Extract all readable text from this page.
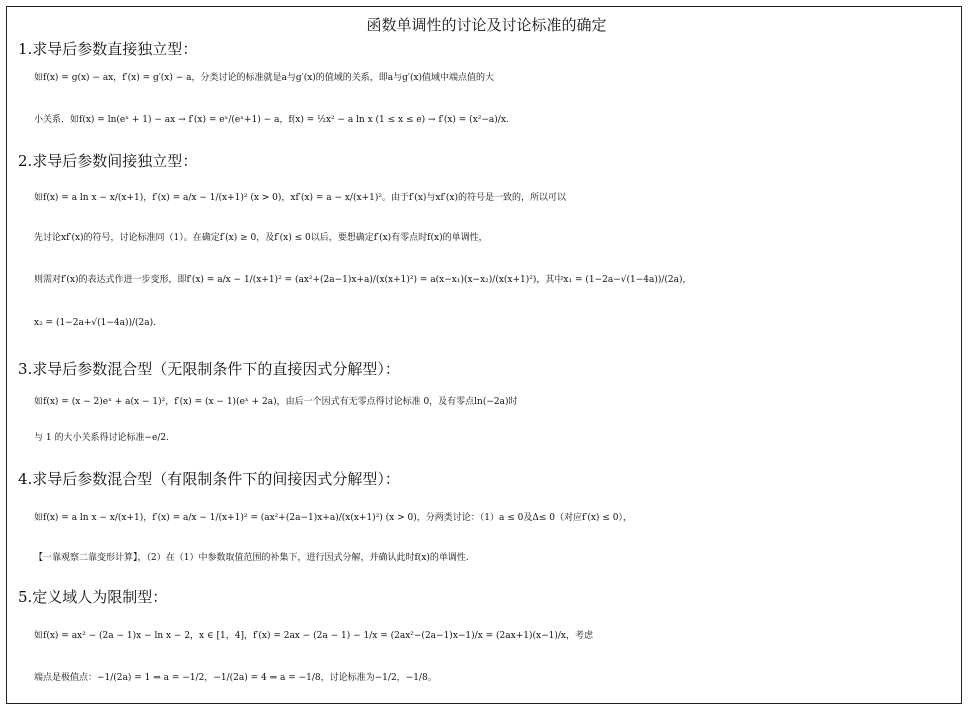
函数单调性的讨论及讨论标准的确定
1.求导后参数直接独立型：
如f(x) = g(x) − ax，f′(x) = g′(x) − a，分类讨论的标准就是a与g′(x)的值域的关系，即a与g′(x)值域中端点值的大
小关系．如f(x) = ln(eˣ + 1) − ax → f′(x) = eˣ/(eˣ+1) − a，f(x) = ½x² − a ln x (1 ≤ x ≤ e) → f′(x) = (x²−a)/x.
2.求导后参数间接独立型：
如f(x) = a ln x − x/(x+1)，f′(x) = a/x − 1/(x+1)² (x > 0)，xf′(x) = a − x/(x+1)²。由于f′(x)与xf′(x)的符号是一致的，所以可以
先讨论xf′(x)的符号，讨论标准同（1）。在确定f′(x) ≥ 0，及f′(x) ≤ 0以后，要想确定f′(x)有零点时f(x)的单调性，
则需对f′(x)的表达式作进一步变形，即f′(x) = a/x − 1/(x+1)² = (ax²+(2a−1)x+a)/(x(x+1)²) = a(x−x₁)(x−x₂)/(x(x+1)²)，其中x₁ = (1−2a−√(1−4a))/(2a)，
x₂ = (1−2a+√(1−4a))/(2a).
3.求导后参数混合型（无限制条件下的直接因式分解型）：
如f(x) = (x − 2)eˣ + a(x − 1)²，f′(x) = (x − 1)(eˣ + 2a)，由后一个因式有无零点得讨论标准 0，及有零点ln(−2a)时
与 1 的大小关系得讨论标准−e/2.
4.求导后参数混合型（有限制条件下的间接因式分解型）：
如f(x) = a ln x − x/(x+1)，f′(x) = a/x − 1/(x+1)² = (ax²+(2a−1)x+a)/(x(x+1)²) (x > 0)，分两类讨论：（1）a ≤ 0及Δ≤ 0（对应f′(x) ≤ 0），
【一靠观察二靠变形计算】，（2）在（1）中参数取值范围的补集下，进行因式分解，并确认此时f(x)的单调性.
5.定义域人为限制型：
如f(x) = ax² − (2a − 1)x − ln x − 2，x ∈ [1，4]，f′(x) = 2ax − (2a − 1) − 1/x = (2ax²−(2a−1)x−1)/x = (2ax+1)(x−1)/x，考虑
端点是极值点：−1/(2a) = 1 ⇒ a = −1/2，−1/(2a) = 4 ⇒ a = −1/8，讨论标准为−1/2，−1/8。
